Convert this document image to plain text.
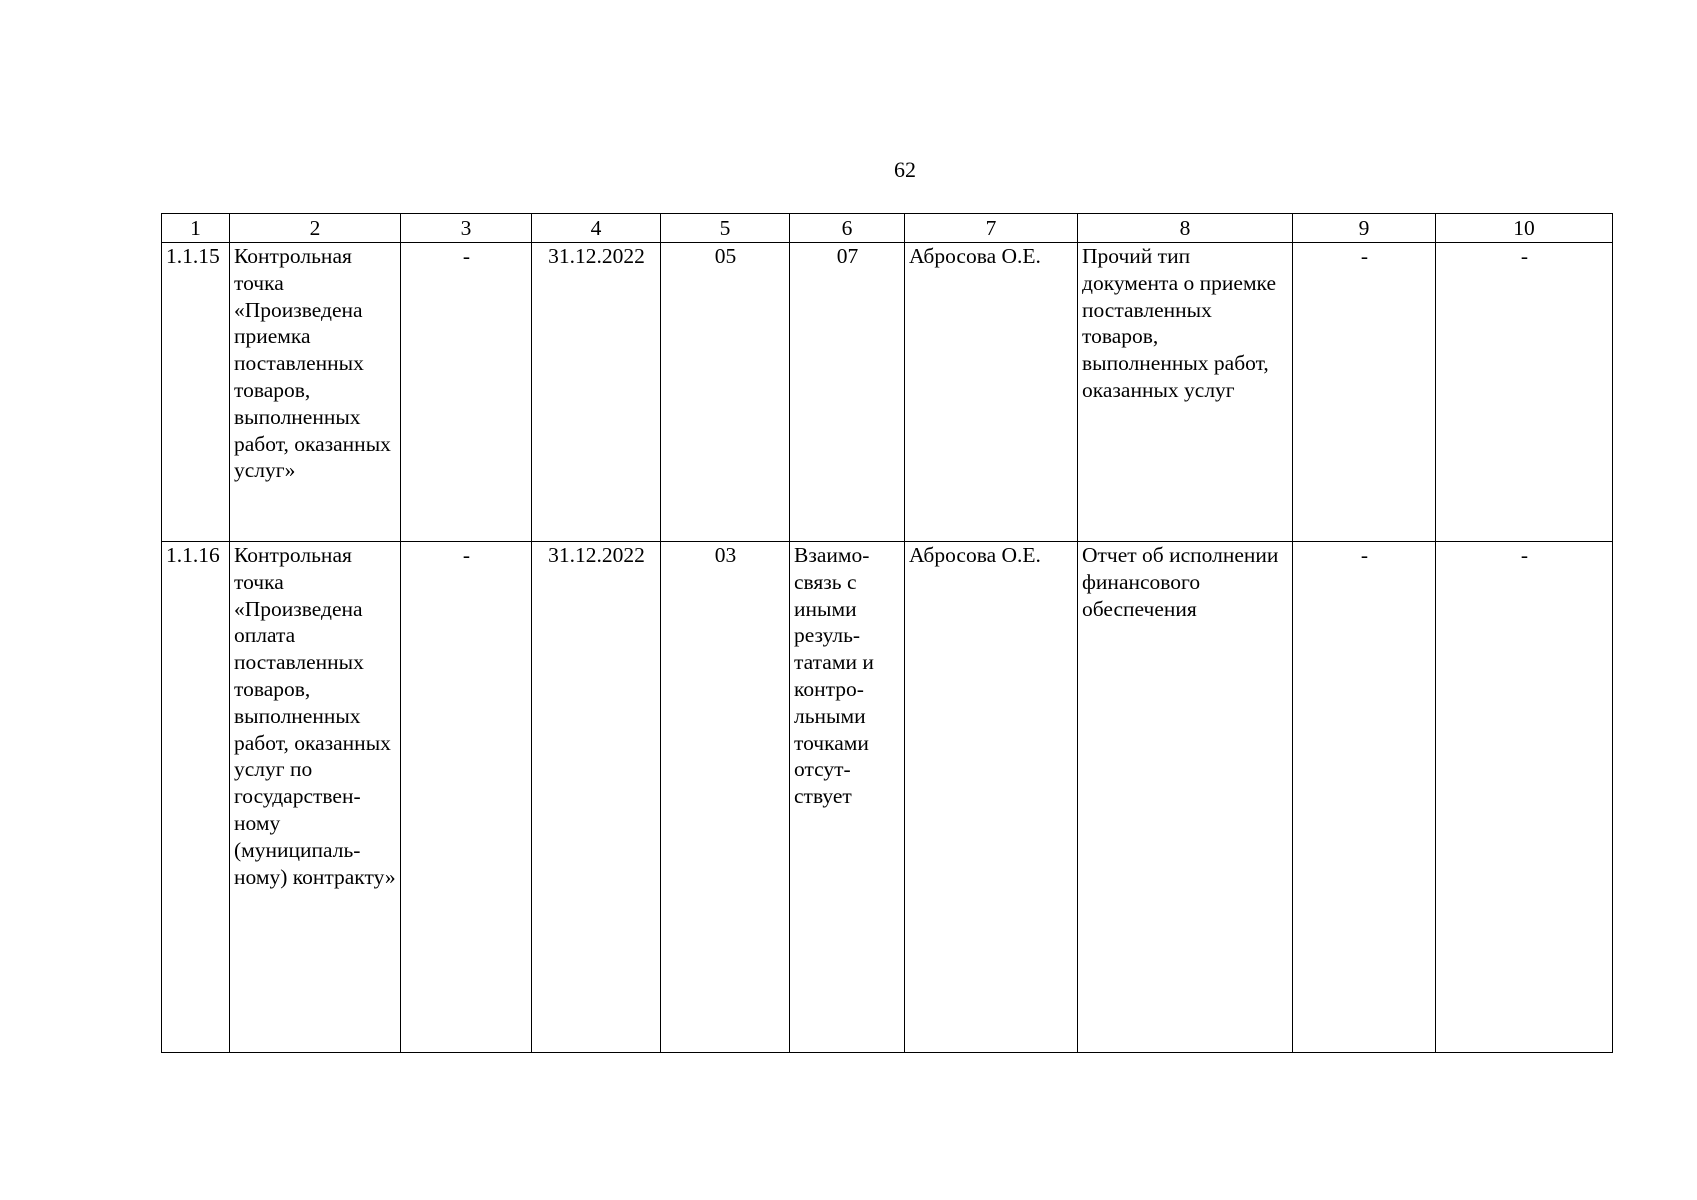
62
1	2	3	4	5	6	7	8	9	10
1.1.15	Контрольная точка «Произведена приемка поставленных товаров, выполненных работ, оказанных услуг»	-	31.12.2022	05	07	Абросова О.Е.	Прочий тип документа о приемке поставленных товаров, выполненных работ, оказанных услуг	-	-
1.1.16	Контрольная точка «Произведена оплата поставленных товаров, выполненных работ, оказанных услуг по государствен-ному (муниципаль-ному) контракту»	-	31.12.2022	03	Взаимо-связь с иными резуль-татами и контро-льными точками отсут-ствует	Абросова О.Е.	Отчет об исполнении финансового обеспечения	-	-
